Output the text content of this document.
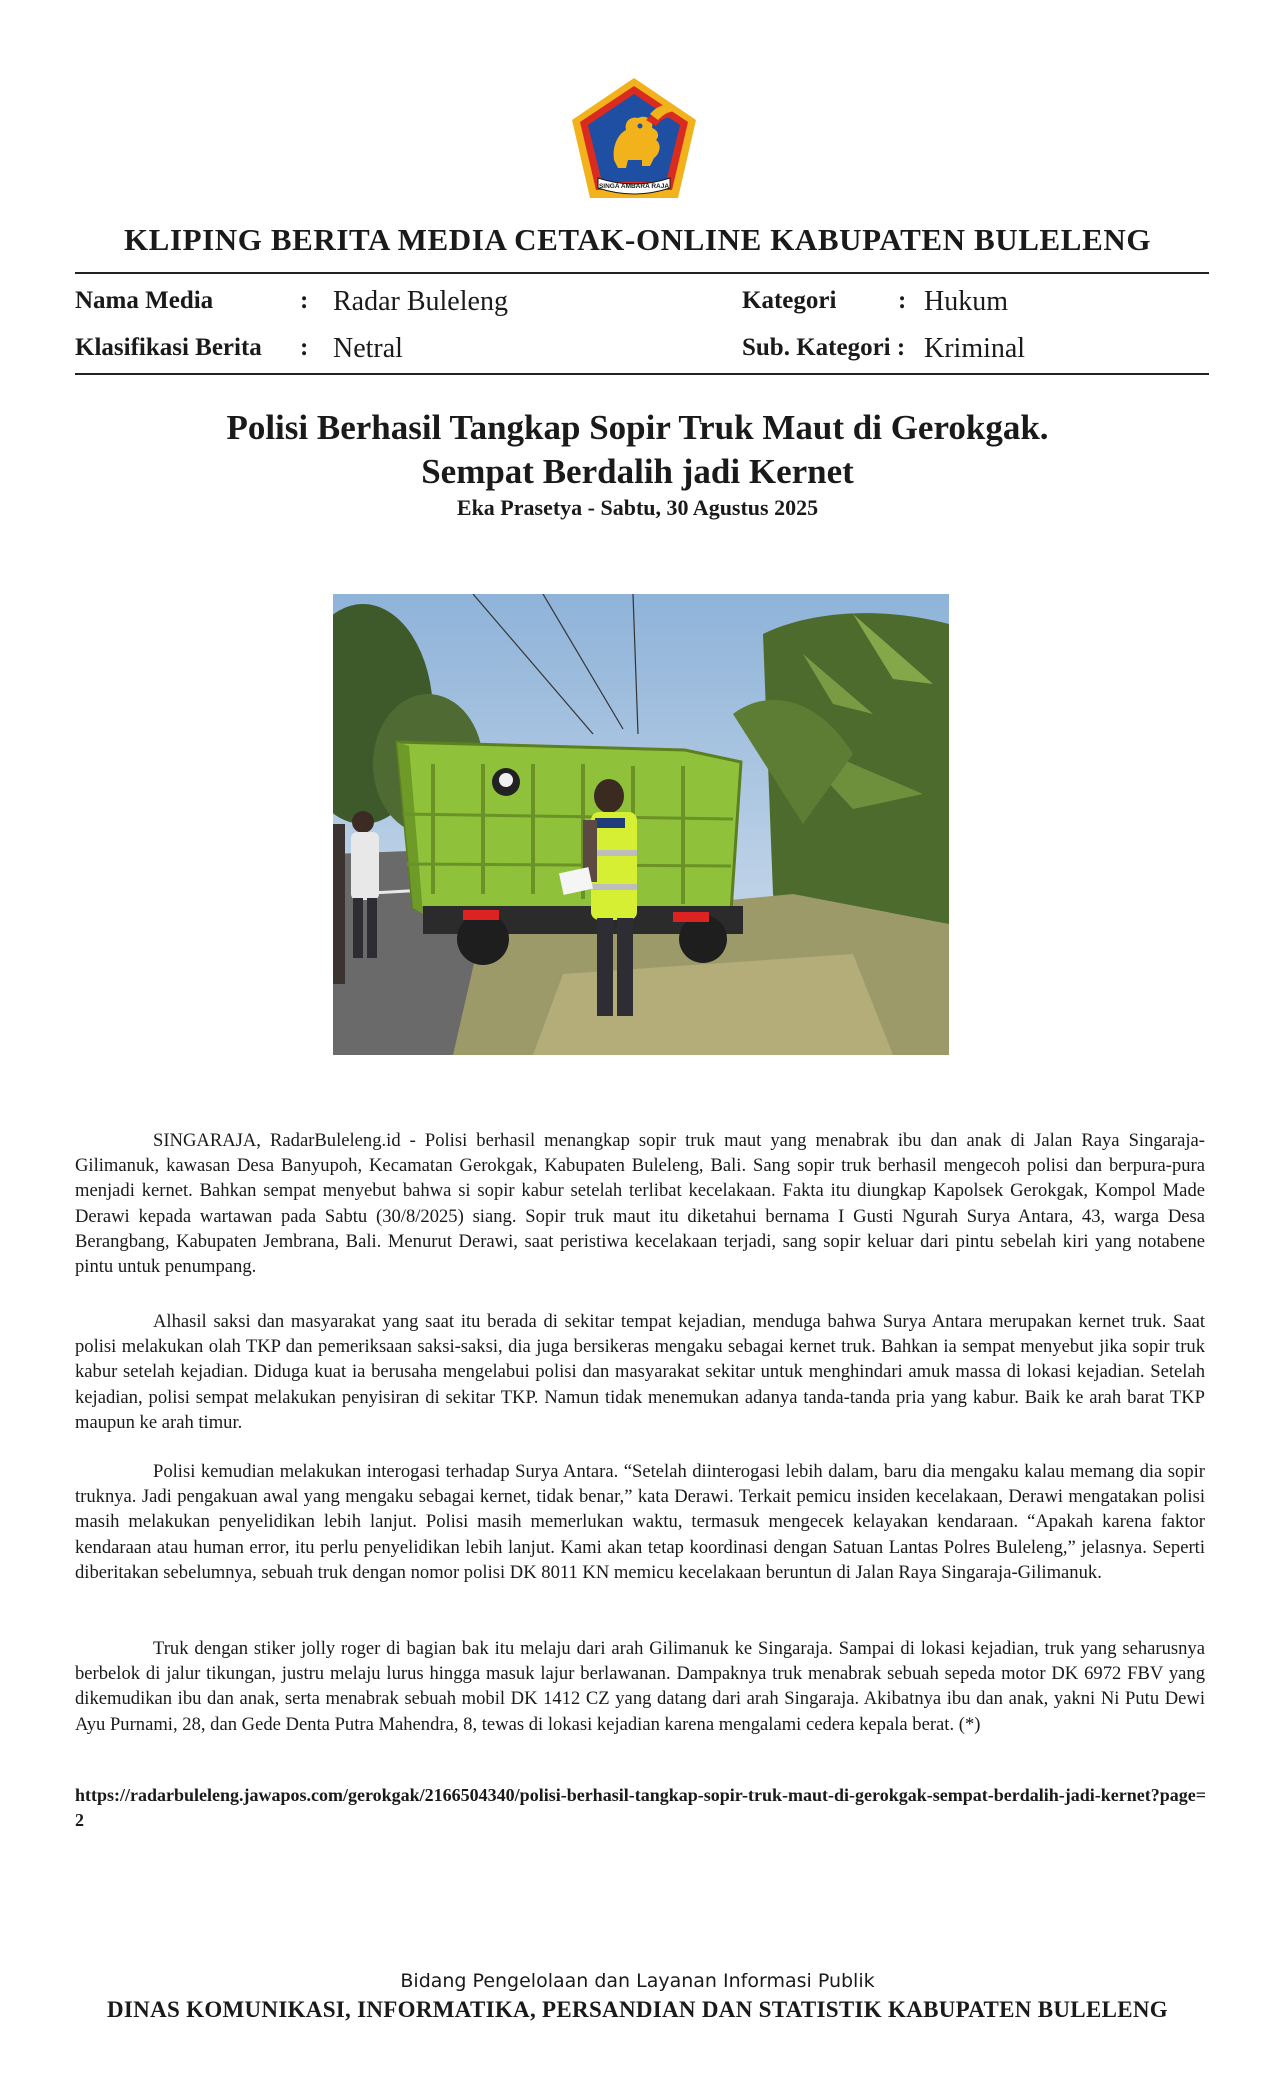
SINGA AMBARA RAJA
KLIPING BERITA MEDIA CETAK-ONLINE KABUPATEN BULELENG
Nama Media	: Radar Buleleng
Klasifikasi Berita : Netral
Kategori : Hukum
Sub. Kategori : Kriminal
Polisi Berhasil Tangkap Sopir Truk Maut di Gerokgak.
Sempat Berdalih jadi Kernet
Eka Prasetya - Sabtu, 30 Agustus 2025

SINGARAJA, RadarBuleleng.id - Polisi berhasil menangkap sopir truk maut yang menabrak ibu dan anak di Jalan Raya Singaraja-Gilimanuk, kawasan Desa Banyupoh, Kecamatan Gerokgak, Kabupaten Buleleng, Bali. Sang sopir truk berhasil mengecoh polisi dan berpura-pura menjadi kernet. Bahkan sempat menyebut bahwa si sopir kabur setelah terlibat kecelakaan. Fakta itu diungkap Kapolsek Gerokgak, Kompol Made Derawi kepada wartawan pada Sabtu (30/8/2025) siang. Sopir truk maut itu diketahui bernama I Gusti Ngurah Surya Antara, 43, warga Desa Berangbang, Kabupaten Jembrana, Bali. Menurut Derawi, saat peristiwa kecelakaan terjadi, sang sopir keluar dari pintu sebelah kiri yang notabene pintu untuk penumpang.

Alhasil saksi dan masyarakat yang saat itu berada di sekitar tempat kejadian, menduga bahwa Surya Antara merupakan kernet truk. Saat polisi melakukan olah TKP dan pemeriksaan saksi-saksi, dia juga bersikeras mengaku sebagai kernet truk. Bahkan ia sempat menyebut jika sopir truk kabur setelah kejadian. Diduga kuat ia berusaha mengelabui polisi dan masyarakat sekitar untuk menghindari amuk massa di lokasi kejadian. Setelah kejadian, polisi sempat melakukan penyisiran di sekitar TKP. Namun tidak menemukan adanya tanda-tanda pria yang kabur. Baik ke arah barat TKP maupun ke arah timur.

Polisi kemudian melakukan interogasi terhadap Surya Antara. “Setelah diinterogasi lebih dalam, baru dia mengaku kalau memang dia sopir truknya. Jadi pengakuan awal yang mengaku sebagai kernet, tidak benar,” kata Derawi. Terkait pemicu insiden kecelakaan, Derawi mengatakan polisi masih melakukan penyelidikan lebih lanjut. Polisi masih memerlukan waktu, termasuk mengecek kelayakan kendaraan. “Apakah karena faktor kendaraan atau human error, itu perlu penyelidikan lebih lanjut. Kami akan tetap koordinasi dengan Satuan Lantas Polres Buleleng,” jelasnya. Seperti diberitakan sebelumnya, sebuah truk dengan nomor polisi DK 8011 KN memicu kecelakaan beruntun di Jalan Raya Singaraja-Gilimanuk.

Truk dengan stiker jolly roger di bagian bak itu melaju dari arah Gilimanuk ke Singaraja. Sampai di lokasi kejadian, truk yang seharusnya berbelok di jalur tikungan, justru melaju lurus hingga masuk lajur berlawanan. Dampaknya truk menabrak sebuah sepeda motor DK 6972 FBV yang dikemudikan ibu dan anak, serta menabrak sebuah mobil DK 1412 CZ yang datang dari arah Singaraja. Akibatnya ibu dan anak, yakni Ni Putu Dewi Ayu Purnami, 28, dan Gede Denta Putra Mahendra, 8, tewas di lokasi kejadian karena mengalami cedera kepala berat. (*)

https://radarbuleleng.jawapos.com/gerokgak/2166504340/polisi-berhasil-tangkap-sopir-truk-maut-di-gerokgak-sempat-berdalih-jadi-kernet?page=2
Bidang Pengelolaan dan Layanan Informasi Publik
DINAS KOMUNIKASI, INFORMATIKA, PERSANDIAN DAN STATISTIK KABUPATEN BULELENG
